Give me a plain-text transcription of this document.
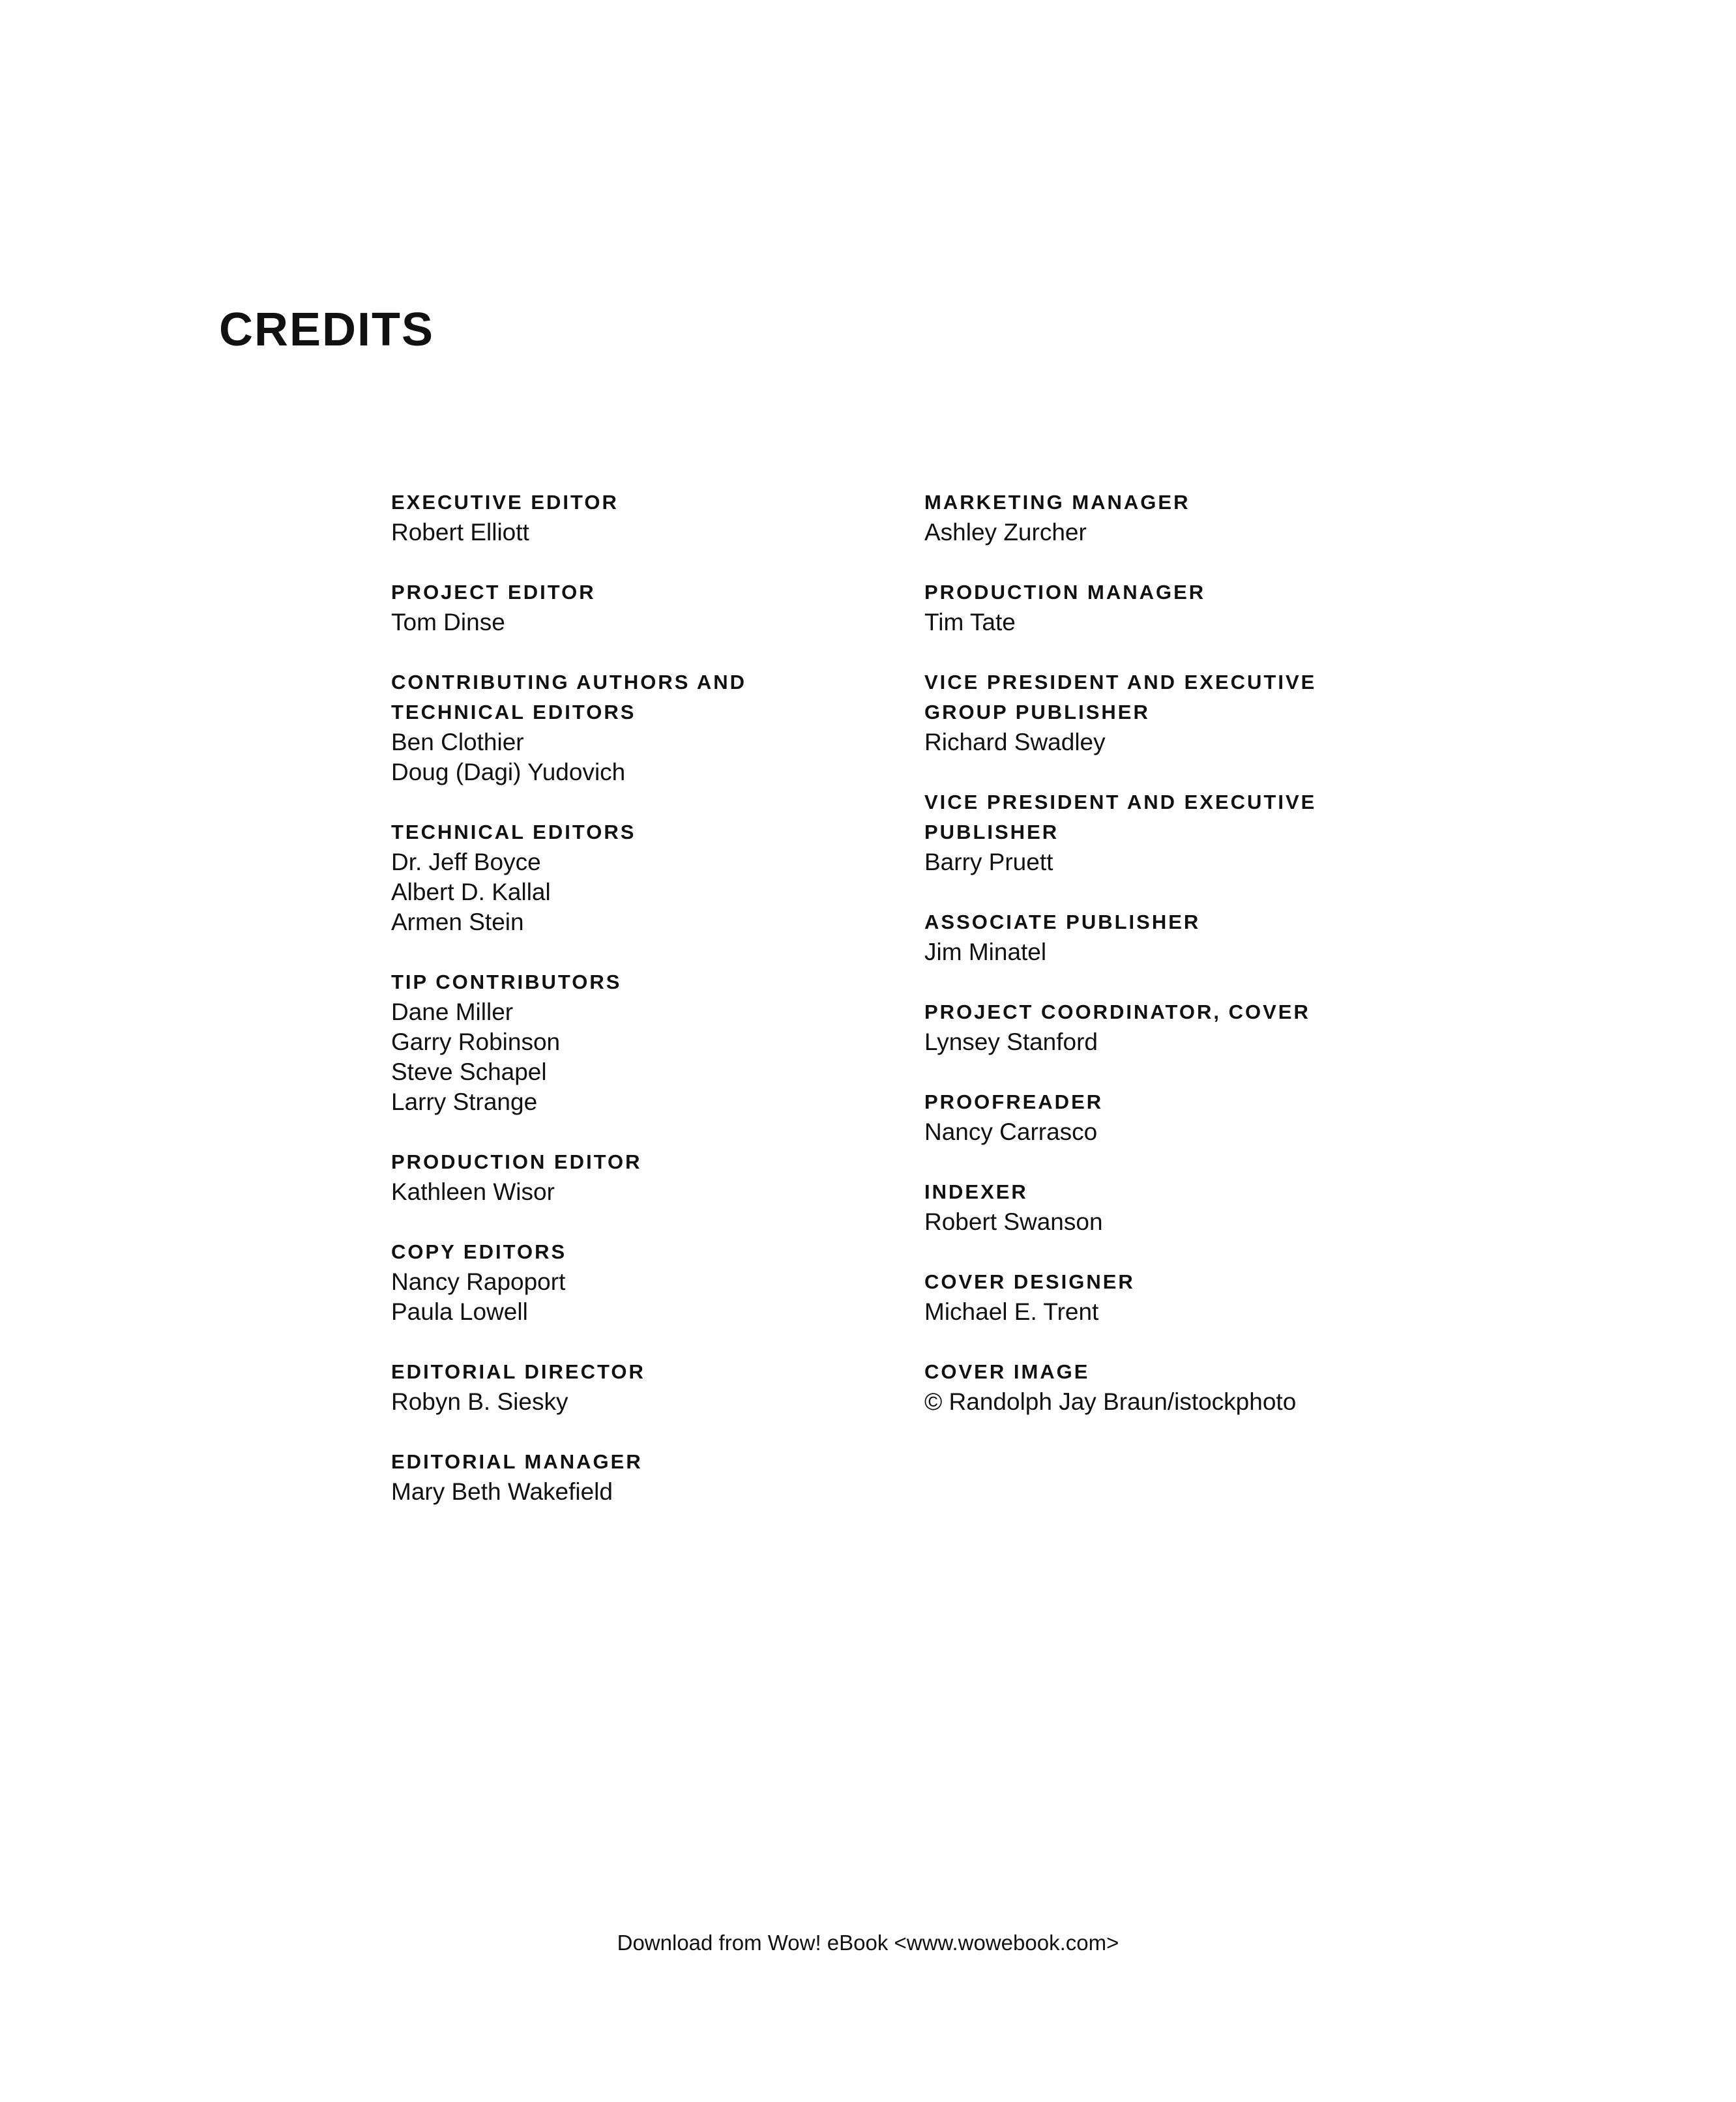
CREDITS
EXECUTIVE EDITOR
Robert Elliott
PROJECT EDITOR
Tom Dinse
CONTRIBUTING AUTHORS AND
TECHNICAL EDITORS
Ben Clothier
Doug (Dagi) Yudovich
TECHNICAL EDITORS
Dr. Jeff Boyce
Albert D. Kallal
Armen Stein
TIP CONTRIBUTORS
Dane Miller
Garry Robinson
Steve Schapel
Larry Strange
PRODUCTION EDITOR
Kathleen Wisor
COPY EDITORS
Nancy Rapoport
Paula Lowell
EDITORIAL DIRECTOR
Robyn B. Siesky
EDITORIAL MANAGER
Mary Beth Wakefield
MARKETING MANAGER
Ashley Zurcher
PRODUCTION MANAGER
Tim Tate
VICE PRESIDENT AND EXECUTIVE
GROUP PUBLISHER
Richard Swadley
VICE PRESIDENT AND EXECUTIVE
PUBLISHER
Barry Pruett
ASSOCIATE PUBLISHER
Jim Minatel
PROJECT COORDINATOR, COVER
Lynsey Stanford
PROOFREADER
Nancy Carrasco
INDEXER
Robert Swanson
COVER DESIGNER
Michael E. Trent
COVER IMAGE
© Randolph Jay Braun/istockphoto
Download from Wow! eBook <www.wowebook.com>
